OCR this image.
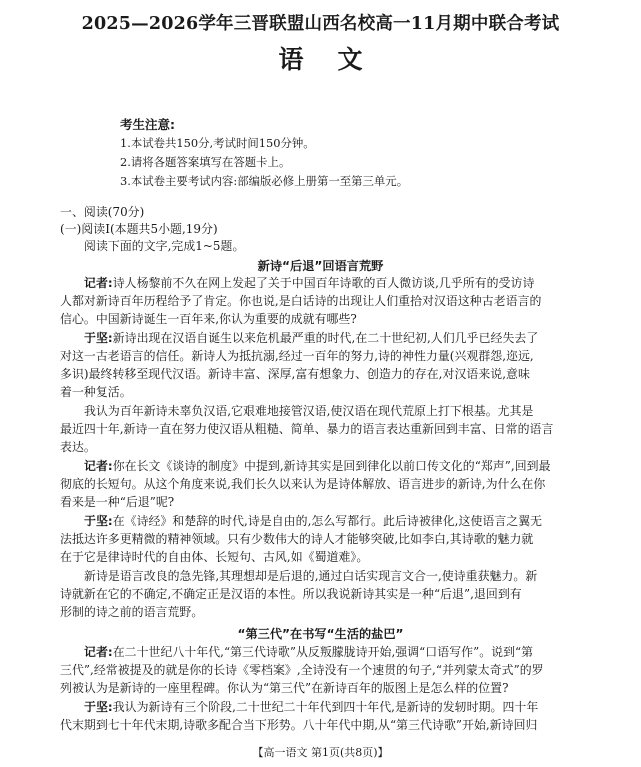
2025—2026学年三晋联盟山西名校高一11月期中联合考试
语文
考生注意:
1.本试卷共150分,考试时间150分钟。
2.请将各题答案填写在答题卡上。
3.本试卷主要考试内容:部编版必修上册第一至第三单元。
一、阅读(70分)
(一)阅读Ⅰ(本题共5小题,19分)
阅读下面的文字,完成1~5题。
新诗“后退”回语言荒野
记者:诗人杨黎前不久在网上发起了关于中国百年诗歌的百人微访谈,几乎所有的受访诗
人都对新诗百年历程给予了肯定。你也说,是白话诗的出现让人们重拾对汉语这种古老语言的
信心。中国新诗诞生一百年来,你认为重要的成就有哪些?
于坚:新诗出现在汉语自诞生以来危机最严重的时代,在二十世纪初,人们几乎已经失去了
对这一古老语言的信任。新诗人为抵抗溺,经过一百年的努力,诗的神性力量(兴观群怨,迩远,
多识)最终转移至现代汉语。新诗丰富、深厚,富有想象力、创造力的存在,对汉语来说,意味
着一种复活。
我认为百年新诗未辜负汉语,它艰难地接管汉语,使汉语在现代荒原上打下根基。尤其是
最近四十年,新诗一直在努力使汉语从粗糙、简单、暴力的语言表达重新回到丰富、日常的语言
表达。
记者:你在长文《谈诗的制度》中提到,新诗其实是回到律化以前口传文化的“郑声”,回到最
彻底的长短句。从这个角度来说,我们长久以来认为是诗体解放、语言进步的新诗,为什么在你
看来是一种“后退”呢?
于坚:在《诗经》和楚辞的时代,诗是自由的,怎么写都行。此后诗被律化,这使语言之翼无
法抵达许多更精微的精神领域。只有少数伟大的诗人才能够突破,比如李白,其诗歌的魅力就
在于它是律诗时代的自由体、长短句、古风,如《蜀道难》。
新诗是语言改良的急先锋,其理想却是后退的,通过白话实现言文合一,使诗重获魅力。新
诗就新在它的不确定,不确定正是汉语的本性。所以我说新诗其实是一种“后退”,退回到有
形制的诗之前的语言荒野。
“第三代”在书写“生活的盐巴”
记者:在二十世纪八十年代,“第三代诗歌”从反叛朦胧诗开始,强调“口语写作”。说到“第
三代”,经常被提及的就是你的长诗《零档案》,全诗没有一个速贯的句子,“并列蒙太奇式”的罗
列被认为是新诗的一座里程碑。你认为“第三代”在新诗百年的版图上是怎么样的位置?
于坚:我认为新诗有三个阶段,二十世纪二十年代到四十年代,是新诗的发轫时期。四十年
代末期到七十年代末期,诗歌多配合当下形势。八十年代中期,从“第三代诗歌”开始,新诗回归
【高一语文 第1页(共8页)】
